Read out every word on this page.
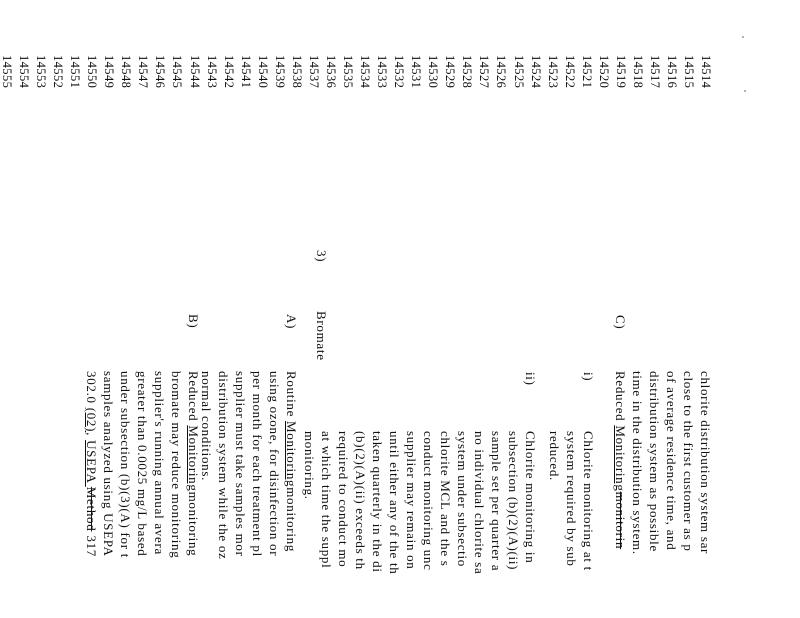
14514
14515
14516
14517
14518
14519
14520
14521
14522
14523
14524
14525
14526
14527
14528
14529
14530
14531
14532
14533
14534
14535
14536
14537
14538
14539
14540
14541
14542
14543
14544
14545
14546
14547
14548
14549
14550
14551
14552
14553
14554
14555
C)
i)
ii)
3)
Bromate
A)
B)
chlorite distribution system sar
close to the first customer as p
of average residence time, and
distribution system as possible
time in the distribution system.
Reduced Monitoringmonitorin
Chlorite monitoring at t
system required by sub
reduced.
Chlorite monitoring in
subsection (b)(2)(A)(ii)
sample set per quarter a
no individual chlorite sa
system under subsectio
chlorite MCL and the s
conduct monitoring unc
supplier may remain on
until either any of the th
taken quarterly in the di
(b)(2)(A)(ii) exceeds th
required to conduct mo
at which time the suppl
monitoring.
Routine Monitoringmonitoring
using ozone, for disinfection or
per month for each treatment pl
supplier must take samples mor
distribution system while the oz
normal conditions.
Reduced Monitoringmonitoring
bromate may reduce monitoring
supplier's running annual avera
greater than 0.0025 mg/L based
under subsection (b)(3)(A) for t
samples analyzed using USEPA
302.0 (02), USEPA Method 317
